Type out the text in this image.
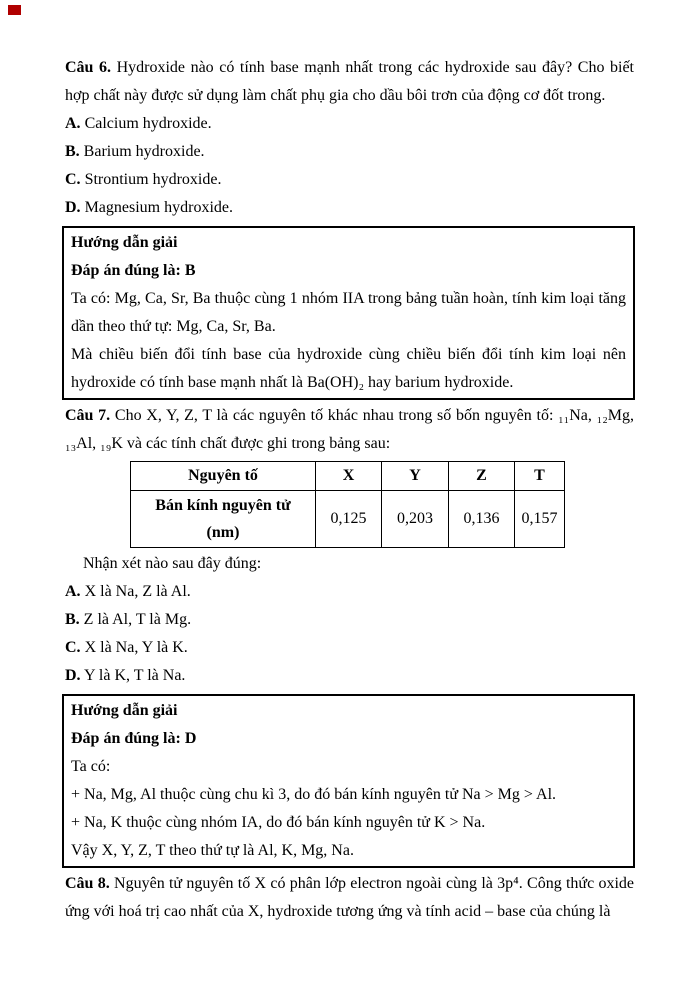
Câu 6. Hydroxide nào có tính base mạnh nhất trong các hydroxide sau đây? Cho biết hợp chất này được sử dụng làm chất phụ gia cho dầu bôi trơn của động cơ đốt trong.

A. Calcium hydroxide.

B. Barium hydroxide.

C. Strontium hydroxide.

D. Magnesium hydroxide.

Hướng dẫn giải

Đáp án đúng là: B

Ta có: Mg, Ca, Sr, Ba thuộc cùng 1 nhóm IIA trong bảng tuần hoàn, tính kim loại tăng dần theo thứ tự: Mg, Ca, Sr, Ba.

Mà chiều biến đổi tính base của hydroxide cùng chiều biến đổi tính kim loại nên hydroxide có tính base mạnh nhất là Ba(OH)₂ hay barium hydroxide.

Câu 7. Cho X, Y, Z, T là các nguyên tố khác nhau trong số bốn nguyên tố: ₁₁Na, ₁₂Mg, ₁₃Al, ₁₉K và các tính chất được ghi trong bảng sau:

Nguyên tố	X	Y	Z	T

Bán kính nguyên tử
(nm)	0,125	0,203	0,136	0,157

Nhận xét nào sau đây đúng:

A. X là Na, Z là Al.

B. Z là Al, T là Mg.

C. X là Na, Y là K.

D. Y là K, T là Na.

Hướng dẫn giải

Đáp án đúng là: D

Ta có:

+ Na, Mg, Al thuộc cùng chu kì 3, do đó bán kính nguyên tử Na > Mg > Al.

+ Na, K thuộc cùng nhóm IA, do đó bán kính nguyên tử K > Na.

Vậy X, Y, Z, T theo thứ tự là Al, K, Mg, Na.

Câu 8. Nguyên tử nguyên tố X có phân lớp electron ngoài cùng là 3p⁴. Công thức oxide ứng với hoá trị cao nhất của X, hydroxide tương ứng và tính acid – base của chúng là
